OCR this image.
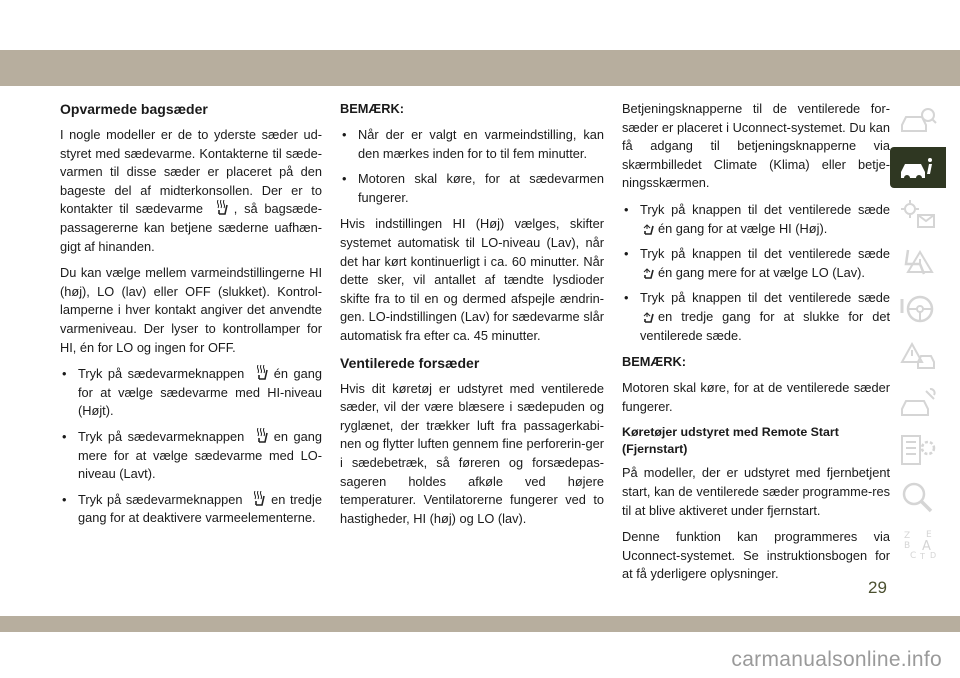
Opvarmede bagsæder

I nogle modeller er de to yderste sæder ud-styret med sædevarme. Kontakterne til sæde-varmen til disse sæder er placeret på den bageste del af midterkonsollen. Der er to kontakter til sædevarme , så bagsæde-passagererne kan betjene sæderne uafhæn-gigt af hinanden.

Du kan vælge mellem varmeindstillingerne HI (høj), LO (lav) eller OFF (slukket). Kontrol-lamperne i hver kontakt angiver det anvendte varmeniveau. Der lyser to kontrollamper for HI, én for LO og ingen for OFF.

• Tryk på sædevarmeknappen én gang for at vælge sædevarme med HI-niveau (Højt).
• Tryk på sædevarmeknappen en gang mere for at vælge sædevarme med LO-niveau (Lavt).
• Tryk på sædevarmeknappen en tredje gang for at deaktivere varmeelementerne.

BEMÆRK:

• Når der er valgt en varmeindstilling, kan den mærkes inden for to til fem minutter.
• Motoren skal køre, for at sædevarmen fungerer.

Hvis indstillingen HI (Høj) vælges, skifter systemet automatisk til LO-niveau (Lav), når det har kørt kontinuerligt i ca. 60 minutter. Når dette sker, vil antallet af tændte lysdioder skifte fra to til en og dermed afspejle ændrin-gen. LO-indstillingen (Lav) for sædevarme slår automatisk fra efter ca. 45 minutter.

Ventilerede forsæder

Hvis dit køretøj er udstyret med ventilerede sæder, vil der være blæsere i sædepuden og ryglænet, der trækker luft fra passagerkabi-nen og flytter luften gennem fine perforerin-ger i sædebetræk, så føreren og forsædepas-sageren holdes afkøle ved højere temperaturer. Ventilatorerne fungerer ved to hastigheder, HI (høj) og LO (lav).

Betjeningsknapperne til de ventilerede for-sæder er placeret i Uconnect-systemet. Du kan få adgang til betjeningsknapperne via skærmbilledet Climate (Klima) eller betje-ningsskærmen.

• Tryk på knappen til det ventilerede sæde én gang for at vælge HI (Høj).
• Tryk på knappen til det ventilerede sæde én gang mere for at vælge LO (Lav).
• Tryk på knappen til det ventilerede sæde en tredje gang for at slukke for det ventilerede sæde.

BEMÆRK:

Motoren skal køre, for at de ventilerede sæder fungerer.

Køretøjer udstyret med Remote Start (Fjernstart)

På modeller, der er udstyret med fjernbetjent start, kan de ventilerede sæder programme-res til at blive aktiveret under fjernstart.

Denne funktion kan programmeres via Uconnect-systemet. Se instruktionsbogen for at få yderligere oplysninger.

Z E
B A
C T D
29
carmanualsonline.info
